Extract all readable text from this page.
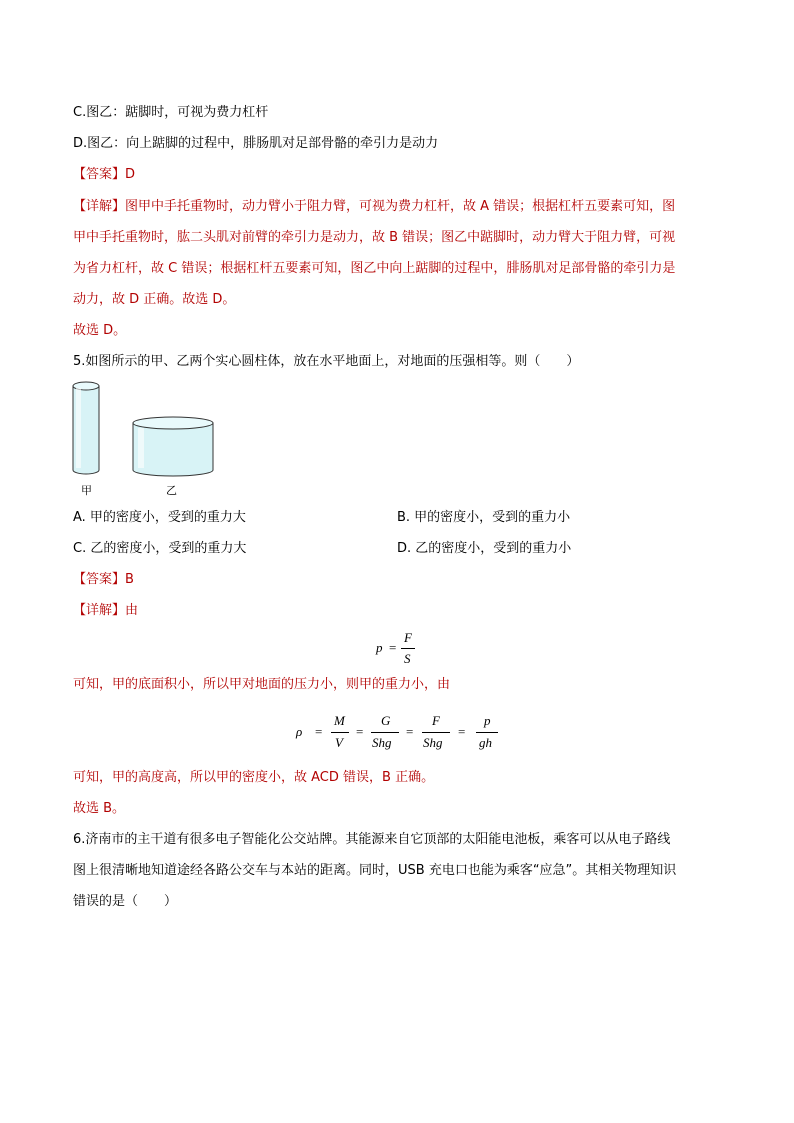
C.图乙：踮脚时，可视为费力杠杆
D.图乙：向上踮脚的过程中，腓肠肌对足部骨骼的牵引力是动力
【答案】D
【详解】图甲中手托重物时，动力臂小于阻力臂，可视为费力杠杆，故 A 错误；根据杠杆五要素可知，图
甲中手托重物时，肱二头肌对前臂的牵引力是动力，故 B 错误；图乙中踮脚时，动力臂大于阻力臂，可视
为省力杠杆，故 C 错误；根据杠杆五要素可知，图乙中向上踮脚的过程中，腓肠肌对足部骨骼的牵引力是
动力，故 D 正确。故选 D。
故选 D。
5.如图所示的甲、乙两个实心圆柱体，放在水平地面上，对地面的压强相等。则（　　）
甲	乙
A. 甲的密度小，受到的重力大	B. 甲的密度小，受到的重力小
C. 乙的密度小，受到的重力大	D. 乙的密度小，受到的重力小
【答案】B
【详解】由
p =
F
S
可知，甲的底面积小，所以甲对地面的压力小，则甲的重力小，由
ρ =
M
V
=
G
Shg
=
F
Shg
=
p
gh
可知，甲的高度高，所以甲的密度小，故 ACD 错误，B 正确。
故选 B。
6.济南市的主干道有很多电子智能化公交站牌。其能源来自它顶部的太阳能电池板，乘客可以从电子路线
图上很清晰地知道途经各路公交车与本站的距离。同时，USB 充电口也能为乘客“应急”。其相关物理知识
错误的是（　　）
